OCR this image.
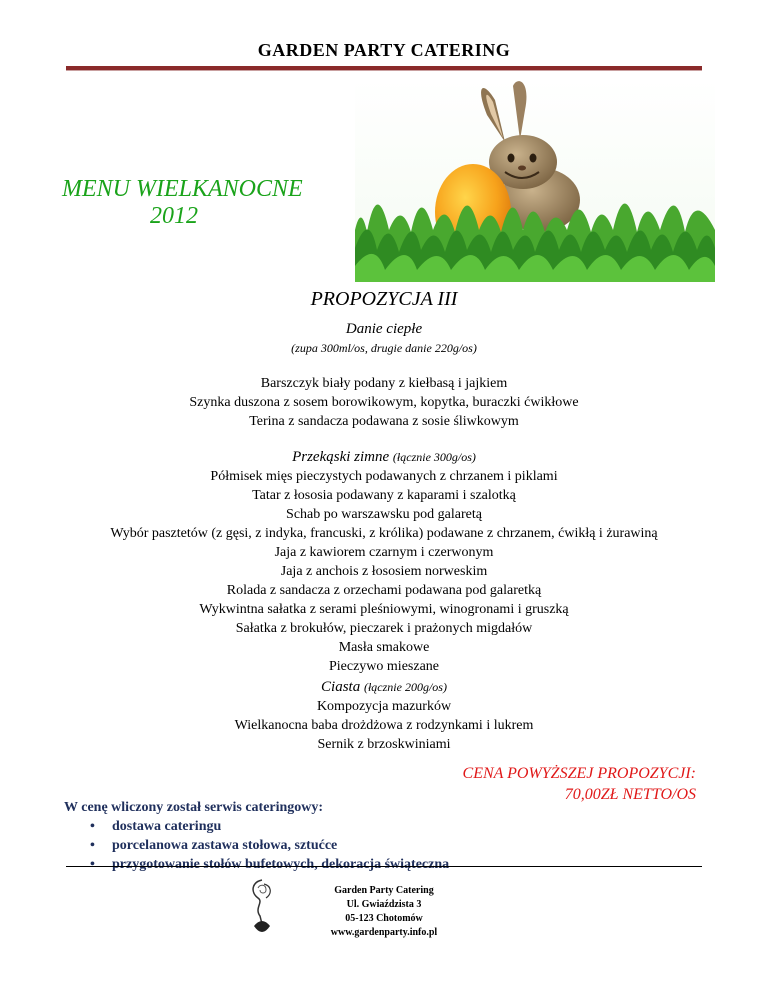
GARDEN PARTY CATERING
MENU WIELKANOCNE
2012
PROPOZYCJA III
Danie ciepłe
(zupa 300ml/os, drugie danie 220g/os)
Barszczyk biały podany z kiełbasą i jajkiem
Szynka duszona z sosem borowikowym, kopytka, buraczki ćwikłowe
Terina z sandacza podawana z sosie śliwkowym
Przekąski zimne (łącznie 300g/os)
Półmisek mięs pieczystych podawanych z chrzanem i piklami
Tatar z łososia podawany z kaparami i szalotką
Schab po warszawsku pod galaretą
Wybór pasztetów (z gęsi, z indyka, francuski, z królika) podawane z chrzanem, ćwikłą i żurawiną
Jaja z kawiorem czarnym i czerwonym
Jaja z anchois z łososiem norweskim
Rolada z sandacza z orzechami podawana pod galaretką
Wykwintna sałatka z serami pleśniowymi, winogronami i gruszką
Sałatka z brokułów, pieczarek i prażonych migdałów
Masła smakowe
Pieczywo mieszane
Ciasta (łącznie 200g/os)
Kompozycja mazurków
Wielkanocna baba drożdżowa z rodzynkami i lukrem
Sernik z brzoskwiniami
CENA POWYŻSZEJ PROPOZYCJI:
70,00ZŁ NETTO/OS
W cenę wliczony został serwis cateringowy:
• dostawa cateringu
• porcelanowa zastawa stołowa, sztućce
• przygotowanie stołów bufetowych, dekoracja świąteczna
Garden Party Catering
Ul. Gwiaździsta 3
05-123 Chotomów
www.gardenparty.info.pl
